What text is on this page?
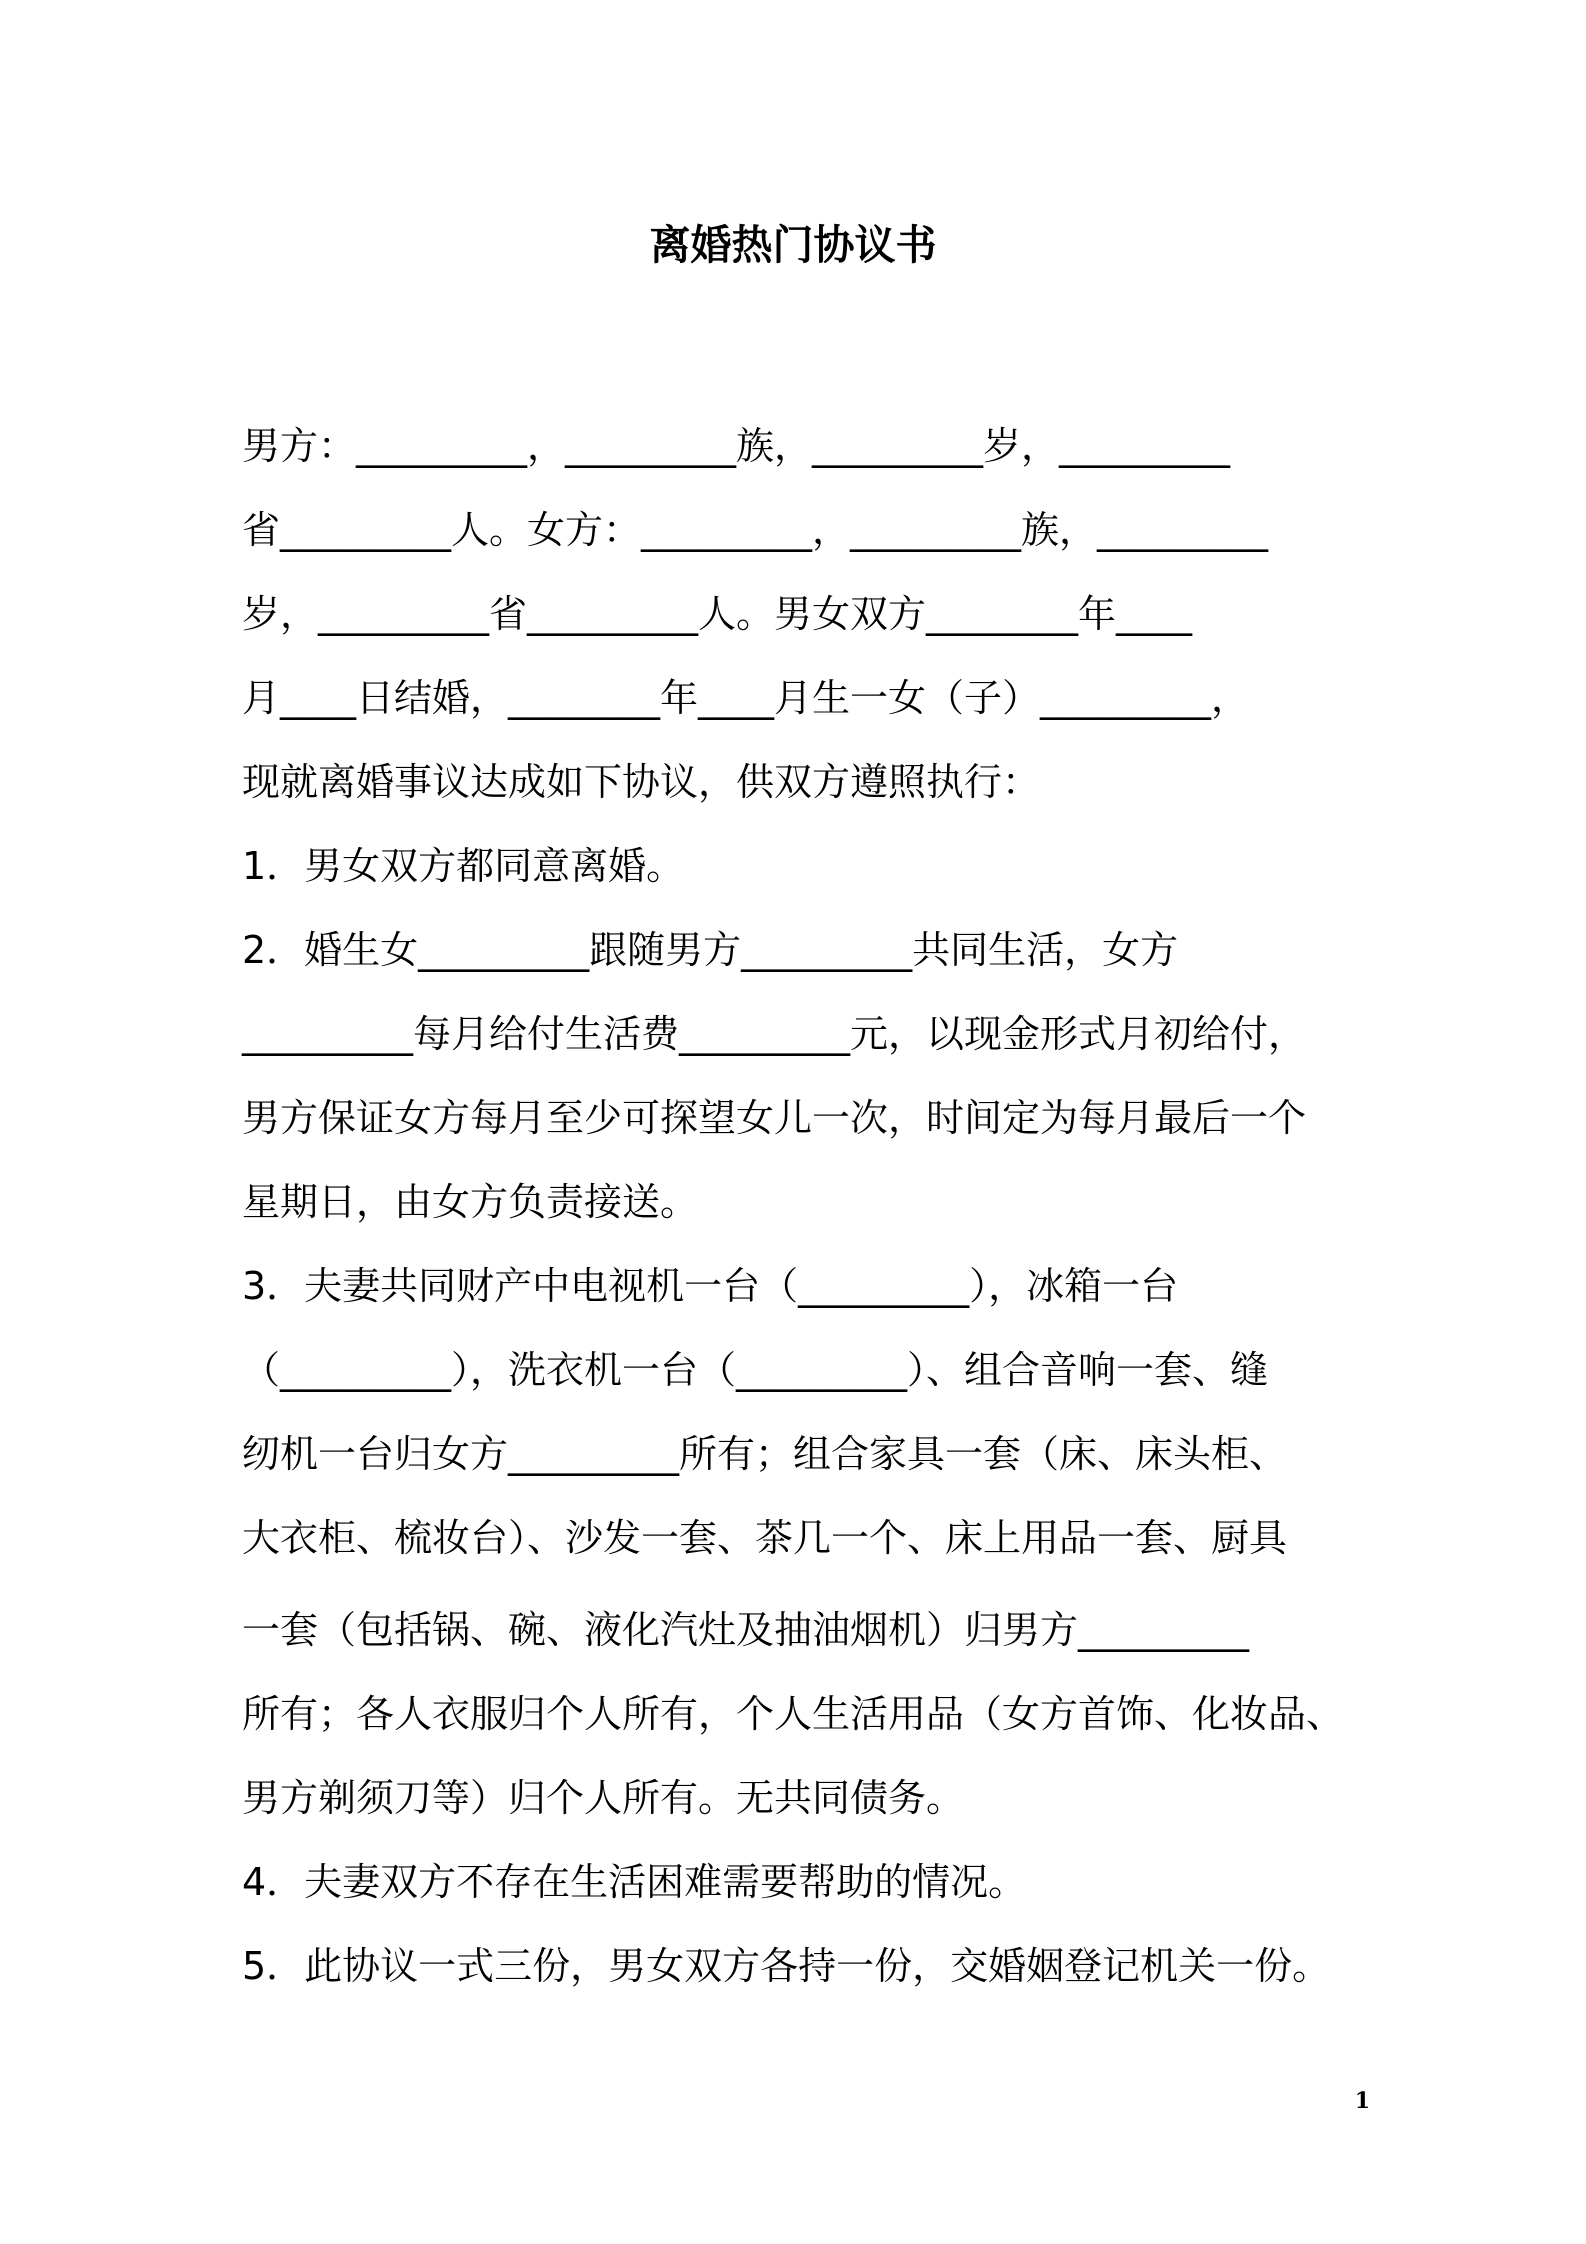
离婚热门协议书
男方：_________，_________族，_________岁，_________
省_________人。女方：_________，_________族，_________
岁，_________省_________人。男女双方________年____
月____日结婚，________年____月生一女（子）_________，
现就离婚事议达成如下协议，供双方遵照执行：
1．男女双方都同意离婚。
2．婚生女_________跟随男方_________共同生活，女方
_________每月给付生活费_________元，以现金形式月初给付，
男方保证女方每月至少可探望女儿一次，时间定为每月最后一个
星期日，由女方负责接送。
3．夫妻共同财产中电视机一台（_________），冰箱一台
（_________），洗衣机一台（_________）、组合音响一套、缝
纫机一台归女方_________所有；组合家具一套（床、床头柜、
大衣柜、梳妆台）、沙发一套、茶几一个、床上用品一套、厨具
一套（包括锅、碗、液化汽灶及抽油烟机）归男方_________
所有；各人衣服归个人所有，个人生活用品（女方首饰、化妆品、
男方剃须刀等）归个人所有。无共同债务。
4．夫妻双方不存在生活困难需要帮助的情况。
5．此协议一式三份，男女双方各持一份，交婚姻登记机关一份。
1
